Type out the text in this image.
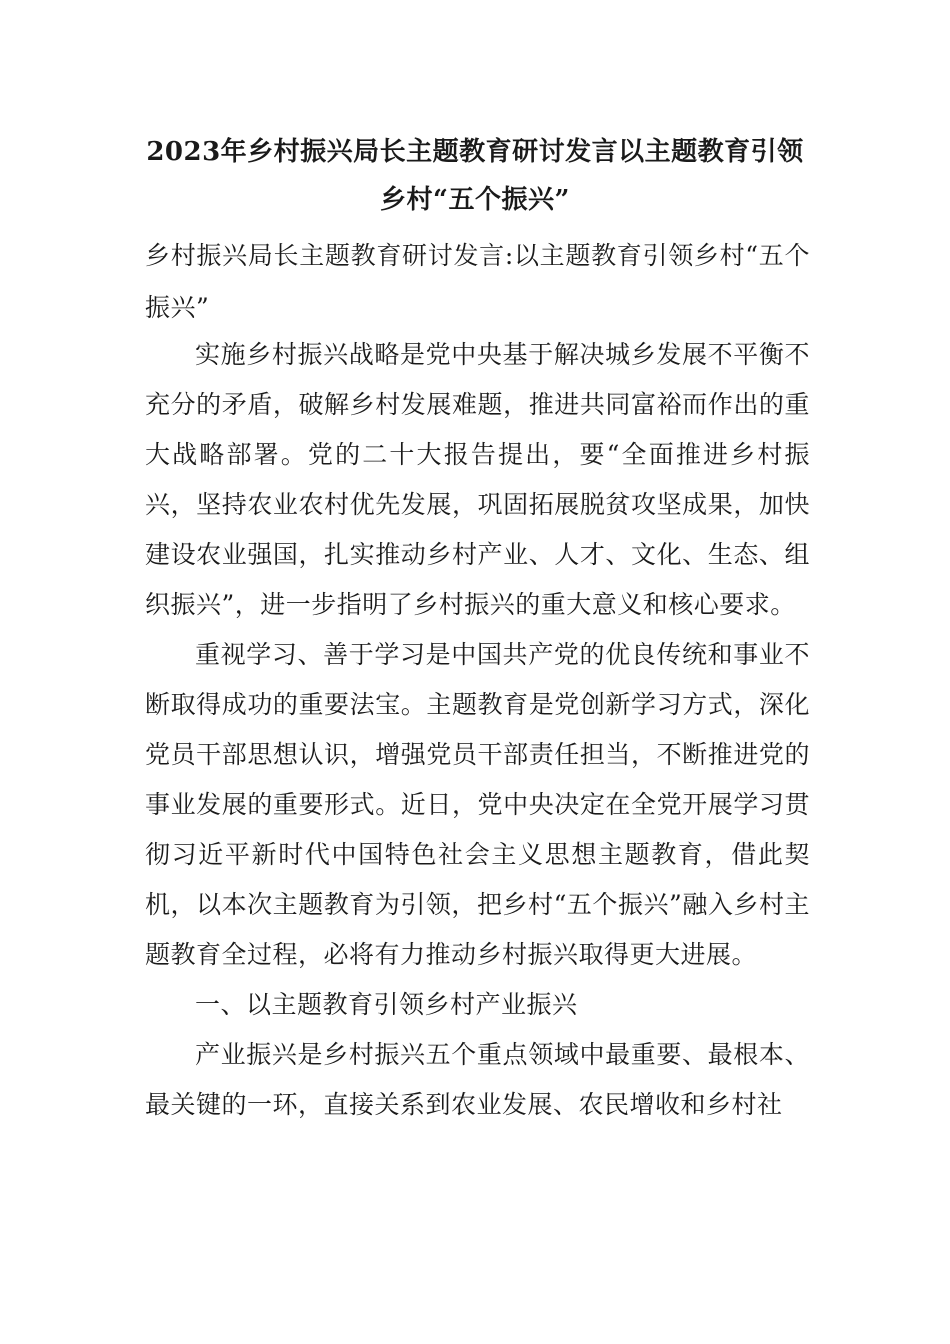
2023年乡村振兴局长主题教育研讨发言以主题教育引领乡村“五个振兴”

乡村振兴局长主题教育研讨发言:以主题教育引领乡村“五个振兴”

实施乡村振兴战略是党中央基于解决城乡发展不平衡不充分的矛盾，破解乡村发展难题，推进共同富裕而作出的重大战略部署。党的二十大报告提出，要“全面推进乡村振兴，坚持农业农村优先发展，巩固拓展脱贫攻坚成果，加快建设农业强国，扎实推动乡村产业、人才、文化、生态、组织振兴”，进一步指明了乡村振兴的重大意义和核心要求。

重视学习、善于学习是中国共产党的优良传统和事业不断取得成功的重要法宝。主题教育是党创新学习方式，深化党员干部思想认识，增强党员干部责任担当，不断推进党的事业发展的重要形式。近日，党中央决定在全党开展学习贯彻习近平新时代中国特色社会主义思想主题教育，借此契机，以本次主题教育为引领，把乡村“五个振兴”融入乡村主题教育全过程，必将有力推动乡村振兴取得更大进展。

一、以主题教育引领乡村产业振兴

产业振兴是乡村振兴五个重点领域中最重要、最根本、最关键的一环，直接关系到农业发展、农民增收和乡村社
